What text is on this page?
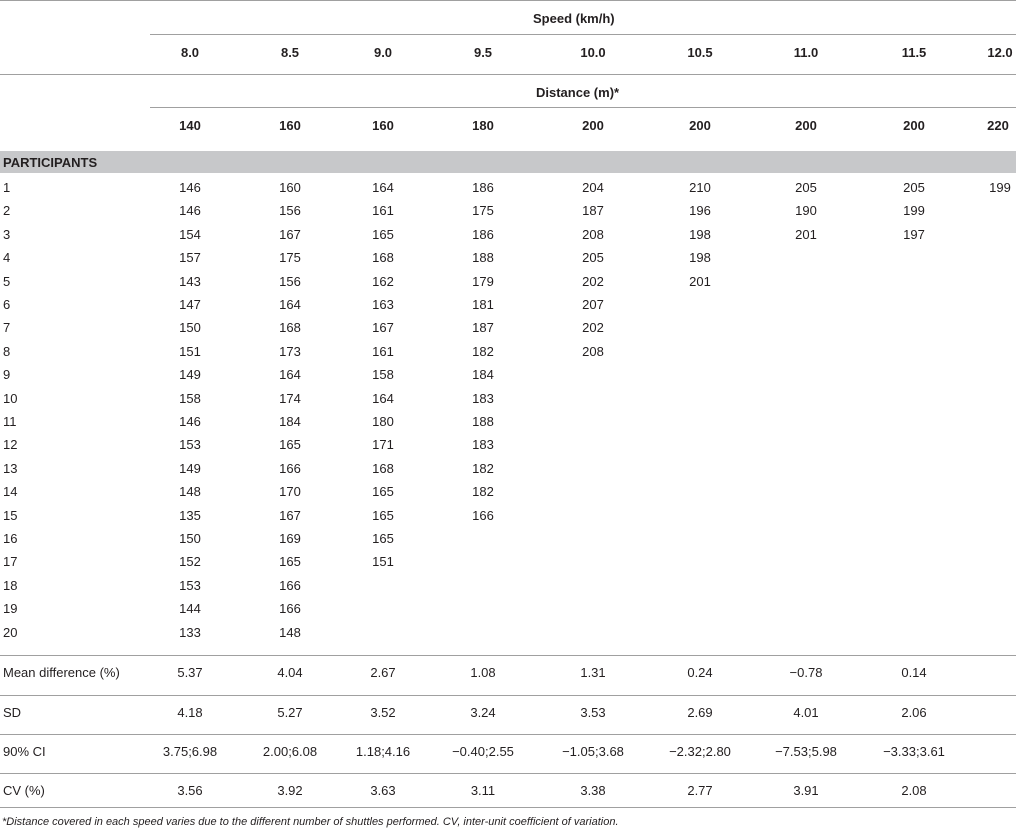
Speed (km/h)
8.0	8.5	9.0	9.5	10.0	10.5	11.0	11.5	12.0
Distance (m)*
140	160	160	180	200	200	200	200	220
PARTICIPANTS
1	146	160	164	186	204	210	205	205	199
2	146	156	161	175	187	196	190	199
3	154	167	165	186	208	198	201	197
4	157	175	168	188	205	198
5	143	156	162	179	202	201
6	147	164	163	181	207
7	150	168	167	187	202
8	151	173	161	182	208
9	149	164	158	184
10	158	174	164	183
11	146	184	180	188
12	153	165	171	183
13	149	166	168	182
14	148	170	165	182
15	135	167	165	166
16	150	169	165
17	152	165	151
18	153	166
19	144	166
20	133	148
Mean difference (%)	5.37	4.04	2.67	1.08	1.31	0.24	−0.78	0.14
SD	4.18	5.27	3.52	3.24	3.53	2.69	4.01	2.06
90% CI	3.75;6.98	2.00;6.08	1.18;4.16	−0.40;2.55	−1.05;3.68	−2.32;2.80	−7.53;5.98	−3.33;3.61
CV (%)	3.56	3.92	3.63	3.11	3.38	2.77	3.91	2.08
*Distance covered in each speed varies due to the different number of shuttles performed. CV, inter-unit coefficient of variation.
